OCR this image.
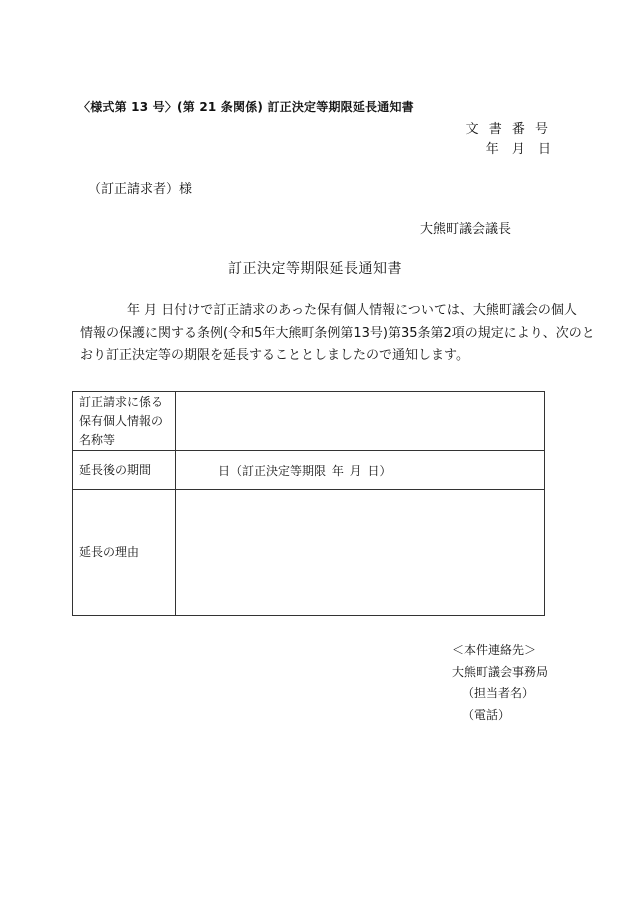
〈様式第 13 号〉(第 21 条関係) 訂正決定等期限延長通知書
文 書 番 号
年 月 日
（訂正請求者）様
大熊町議会議長
訂正決定等期限延長通知書
年 月 日付けで訂正請求のあった保有個人情報については、大熊町議会の個人
情報の保護に関する条例(令和5年大熊町条例第13号)第35条第2項の規定により、次のと
おり訂正決定等の期限を延長することとしましたので通知します。
訂正請求に係る
保有個人情報の
名称等	

延長後の期間	日（訂正決定等期限 年 月 日）
延長の理由	
＜本件連絡先＞
大熊町議会事務局
（担当者名）
（電話）
